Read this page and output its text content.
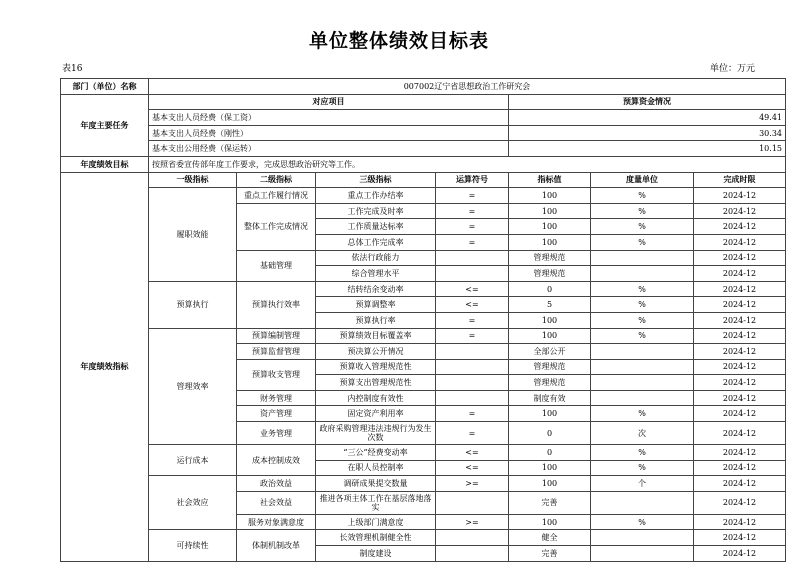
单位整体绩效目标表
表16	单位：万元
部门（单位）名称	007002辽宁省思想政治工作研究会						
年度主要任务	对应项目				预算资金情况		
	基本支出人员经费（保工资）				49.41		
	基本支出人员经费（刚性）				30.34		
	基本支出公用经费（保运转）				10.15		
年度绩效目标	按照省委宣传部年度工作要求，完成思想政治研究等工作。						
年度绩效指标	一级指标	二级指标	三级指标	运算符号	指标值	度量单位	完成时限
	履职效能	重点工作履行情况	重点工作办结率	=	100	%	2024-12
		整体工作完成情况	工作完成及时率	=	100	%	2024-12
			工作质量达标率	=	100	%	2024-12
			总体工作完成率	=	100	%	2024-12
		基础管理	依法行政能力		管理规范		2024-12
			综合管理水平		管理规范		2024-12
	预算执行	预算执行效率	结转结余变动率	<=	0	%	2024-12
			预算调整率	<=	5	%	2024-12
			预算执行率	=	100	%	2024-12
	管理效率	预算编制管理	预算绩效目标覆盖率	=	100	%	2024-12
		预算监督管理	预决算公开情况		全部公开		2024-12
		预算收支管理	预算收入管理规范性		管理规范		2024-12
			预算支出管理规范性		管理规范		2024-12
		财务管理	内控制度有效性		制度有效		2024-12
		资产管理	固定资产利用率	=	100	%	2024-12
		业务管理	政府采购管理违法违规行为发生次数	=	0	次	2024-12
	运行成本	成本控制成效	“三公”经费变动率	<=	0	%	2024-12
			在职人员控制率	<=	100	%	2024-12
	社会效应	政治效益	调研成果提交数量	>=	100	个	2024-12
		社会效益	推进各项主体工作在基层落地落实		完善		2024-12
		服务对象满意度	上级部门满意度	>=	100	%	2024-12
	可持续性	体制机制改革	长效管理机制健全性		健全		2024-12
			制度建设		完善		2024-12
